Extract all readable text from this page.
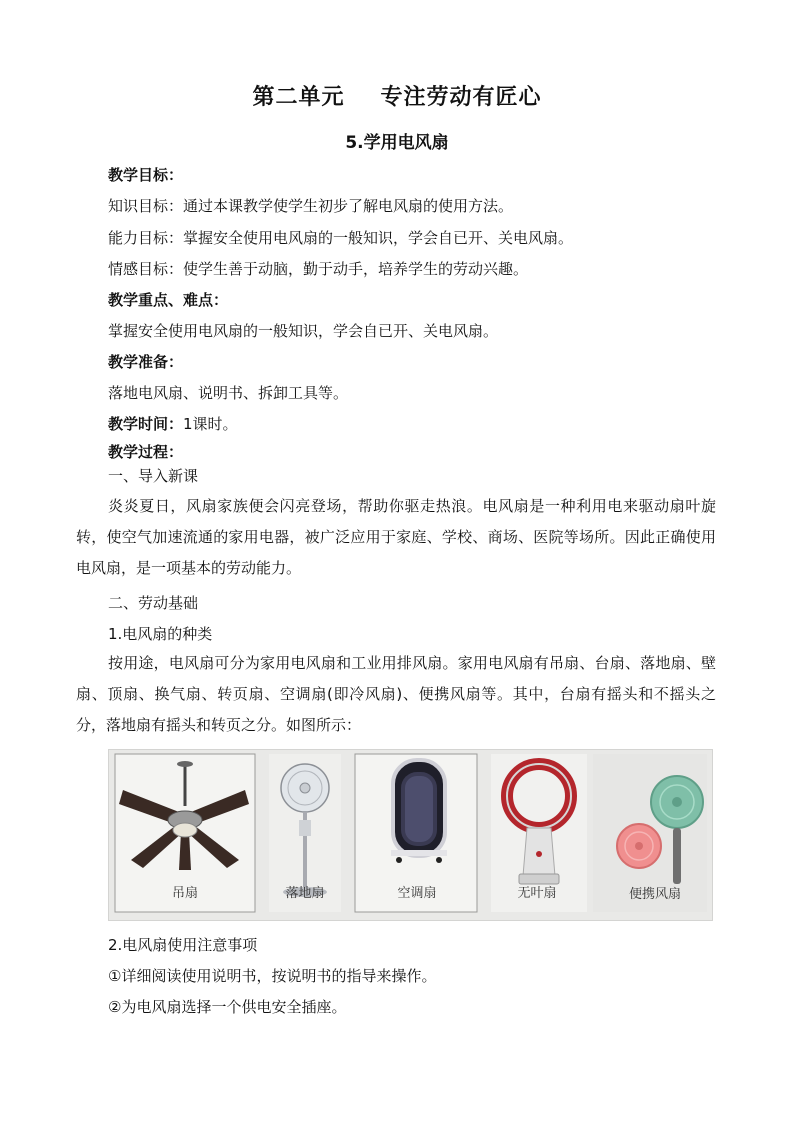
第二单元 专注劳动有匠心
5.学用电风扇
教学目标：
知识目标：通过本课教学使学生初步了解电风扇的使用方法。
能力目标：掌握安全使用电风扇的一般知识，学会自已开、关电风扇。
情感目标：使学生善于动脑，勤于动手，培养学生的劳动兴趣。
教学重点、难点：
掌握安全使用电风扇的一般知识，学会自已开、关电风扇。
教学准备：
落地电风扇、说明书、拆卸工具等。
教学时间：1课时。
教学过程：
一、导入新课
炎炎夏日，风扇家族便会闪亮登场，帮助你驱走热浪。电风扇是一种利用电来驱动扇叶旋转，使空气加速流通的家用电器，被广泛应用于家庭、学校、商场、医院等场所。因此正确使用电风扇，是一项基本的劳动能力。
二、劳动基础
1.电风扇的种类
按用途，电风扇可分为家用电风扇和工业用排风扇。家用电风扇有吊扇、台扇、落地扇、壁扇、顶扇、换气扇、转页扇、空调扇(即冷风扇)、便携风扇等。其中，台扇有摇头和不摇头之分，落地扇有摇头和转页之分。如图所示：
吊扇	落地扇	空调扇	无叶扇	便携风扇
2.电风扇使用注意事项
①详细阅读使用说明书，按说明书的指导来操作。
②为电风扇选择一个供电安全插座。
